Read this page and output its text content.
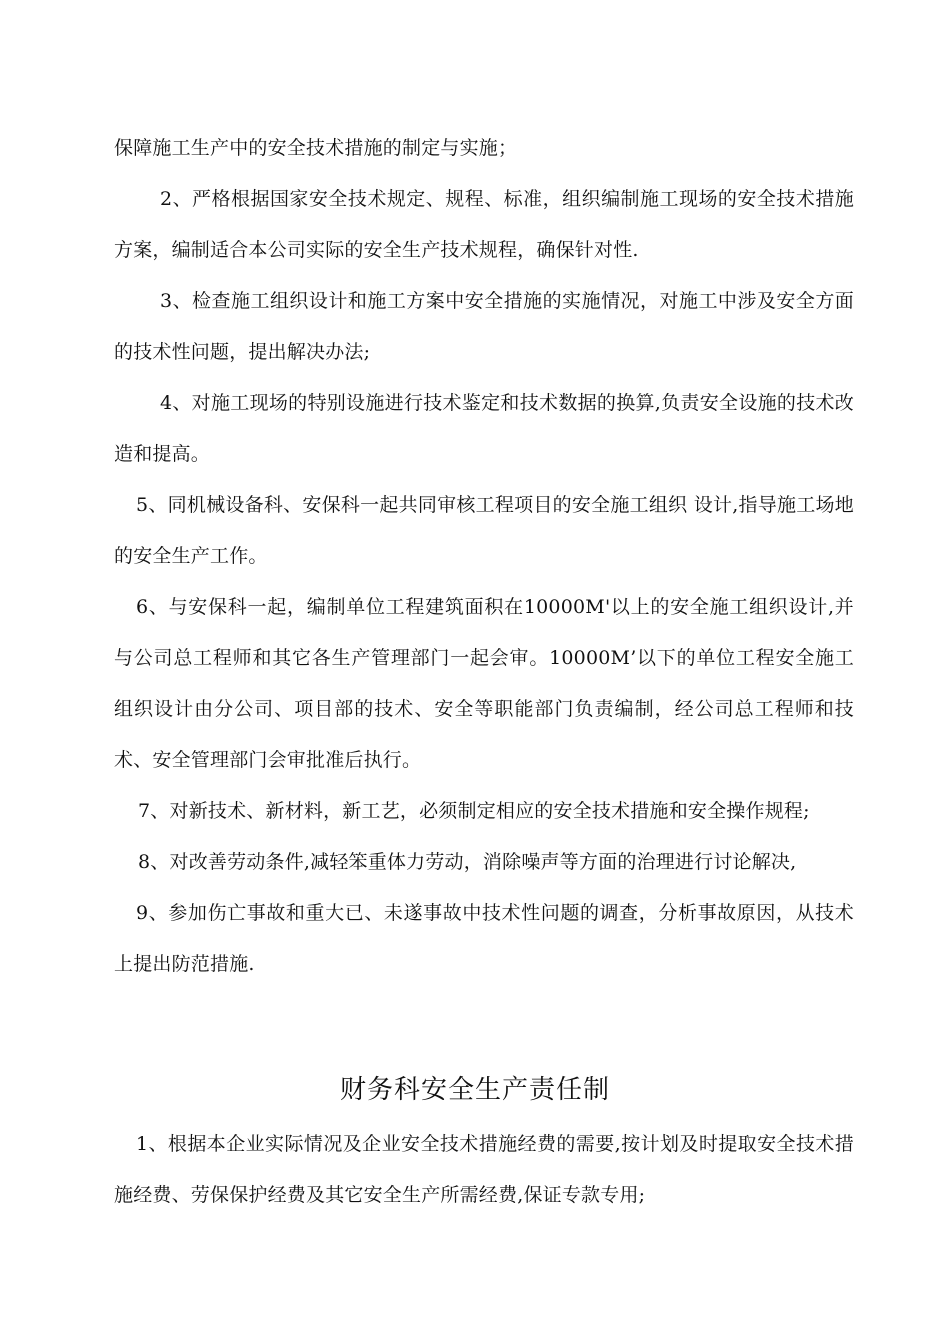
保障施工生产中的安全技术措施的制定与实施；

2、严格根据国家安全技术规定、规程、标准，组织编制施工现场的安全技术措施方案，编制适合本公司实际的安全生产技术规程，确保针对性.

3、检查施工组织设计和施工方案中安全措施的实施情况，对施工中涉及安全方面的技术性问题，提出解决办法;

4、对施工现场的特别设施进行技术鉴定和技术数据的换算,负责安全设施的技术改造和提高。

5、同机械设备科、安保科一起共同审核工程项目的安全施工组织 设计,指导施工场地的安全生产工作。

6、与安保科一起，编制单位工程建筑面积在10000M'以上的安全施工组织设计,并与公司总工程师和其它各生产管理部门一起会审。10000M’以下的单位工程安全施工组织设计由分公司、项目部的技术、安全等职能部门负责编制，经公司总工程师和技术、安全管理部门会审批准后执行。

7、对新技术、新材料，新工艺，必须制定相应的安全技术措施和安全操作规程;

8、对改善劳动条件,减轻笨重体力劳动，消除噪声等方面的治理进行讨论解决,

9、参加伤亡事故和重大已、未遂事故中技术性问题的调查，分析事故原因，从技术上提出防范措施.

财务科安全生产责任制

1、根据本企业实际情况及企业安全技术措施经费的需要,按计划及时提取安全技术措施经费、劳保保护经费及其它安全生产所需经费,保证专款专用;
